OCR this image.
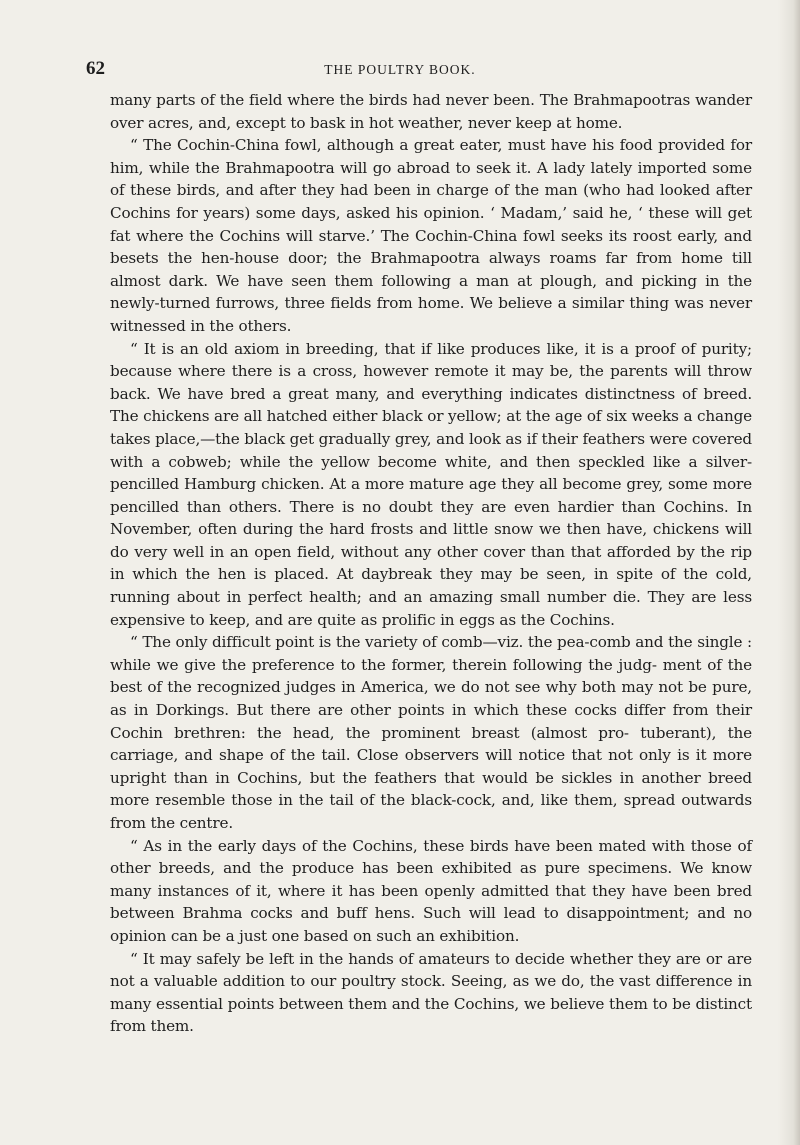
62	THE POULTRY BOOK.

many parts of the field where the birds had never been. The Brahmapootras wander over acres, and, except to bask in hot weather, never keep at home.

“ The Cochin-China fowl, although a great eater, must have his food provided for him, while the Brahmapootra will go abroad to seek it. A lady lately imported some of these birds, and after they had been in charge of the man (who had looked after Cochins for years) some days, asked his opinion. ‘ Madam,’ said he, ‘ these will get fat where the Cochins will starve.’ The Cochin-China fowl seeks its roost early, and besets the hen-house door; the Brahmapootra always roams far from home till almost dark. We have seen them following a man at plough, and picking in the newly-turned furrows, three fields from home. We believe a similar thing was never witnessed in the others.

“ It is an old axiom in breeding, that if like produces like, it is a proof of purity; because where there is a cross, however remote it may be, the parents will throw back. We have bred a great many, and everything indicates distinctness of breed. The chickens are all hatched either black or yellow; at the age of six weeks a change takes place,—the black get gradually grey, and look as if their feathers were covered with a cobweb; while the yellow become white, and then speckled like a silver-pencilled Hamburg chicken. At a more mature age they all become grey, some more pencilled than others. There is no doubt they are even hardier than Cochins. In November, often during the hard frosts and little snow we then have, chickens will do very well in an open field, without any other cover than that afforded by the rip in which the hen is placed. At daybreak they may be seen, in spite of the cold, running about in perfect health; and an amazing small number die. They are less expensive to keep, and are quite as prolific in eggs as the Cochins.

“ The only difficult point is the variety of comb—viz. the pea-comb and the single : while we give the preference to the former, therein following the judg- ment of the best of the recognized judges in America, we do not see why both may not be pure, as in Dorkings. But there are other points in which these cocks differ from their Cochin brethren: the head, the prominent breast (almost pro- tuberant), the carriage, and shape of the tail. Close observers will notice that not only is it more upright than in Cochins, but the feathers that would be sickles in another breed more resemble those in the tail of the black-cock, and, like them, spread outwards from the centre.

“ As in the early days of the Cochins, these birds have been mated with those of other breeds, and the produce has been exhibited as pure specimens. We know many instances of it, where it has been openly admitted that they have been bred between Brahma cocks and buff hens. Such will lead to disappointment; and no opinion can be a just one based on such an exhibition.

“ It may safely be left in the hands of amateurs to decide whether they are or are not a valuable addition to our poultry stock. Seeing, as we do, the vast difference in many essential points between them and the Cochins, we believe them to be distinct from them.
